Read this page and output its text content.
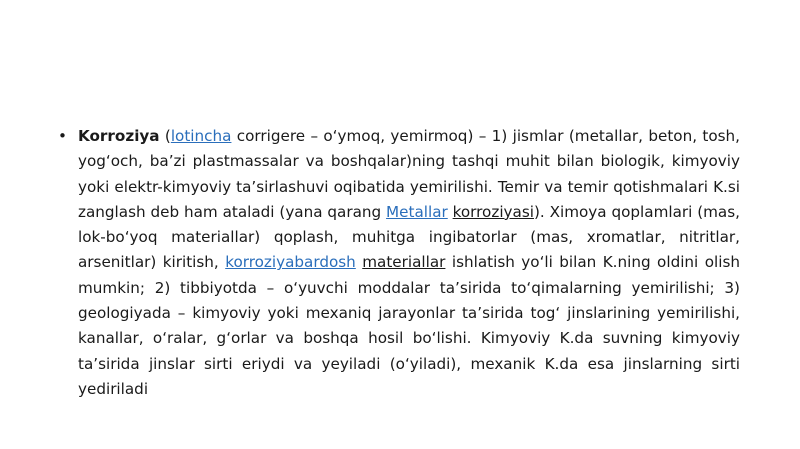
• Korroziya (lotincha corrigere – o‘ymoq, yemirmoq) – 1) jismlar (metallar, beton, tosh, yog‘och, ba’zi plastmassalar va boshqalar)ning tashqi muhit bilan biologik, kimyoviy yoki elektr-kimyoviy ta’sirlashuvi oqibatida yemirilishi. Temir va temir qotishmalari K.si zanglash deb ham ataladi (yana qarang Metallar korroziyasi). Ximoya qoplamlari (mas, lok-bo‘yoq materiallar) qoplash, muhitga ingibatorlar (mas, xromatlar, nitritlar, arsenitlar) kiritish, korroziyabardosh materiallar ishlatish yo‘li bilan K.ning oldini olish mumkin; 2) tibbiyotda – o‘yuvchi moddalar ta’sirida to‘qimalarning yemirilishi; 3) geologiyada – kimyoviy yoki mexaniq jarayonlar ta’sirida tog‘ jinslarining yemirilishi, kanallar, o‘ralar, g‘orlar va boshqa hosil bo‘lishi. Kimyoviy K.da suvning kimyoviy ta’sirida jinslar sirti eriydi va yeyiladi (o‘yiladi), mexanik K.da esa jinslarning sirti yediriladi
